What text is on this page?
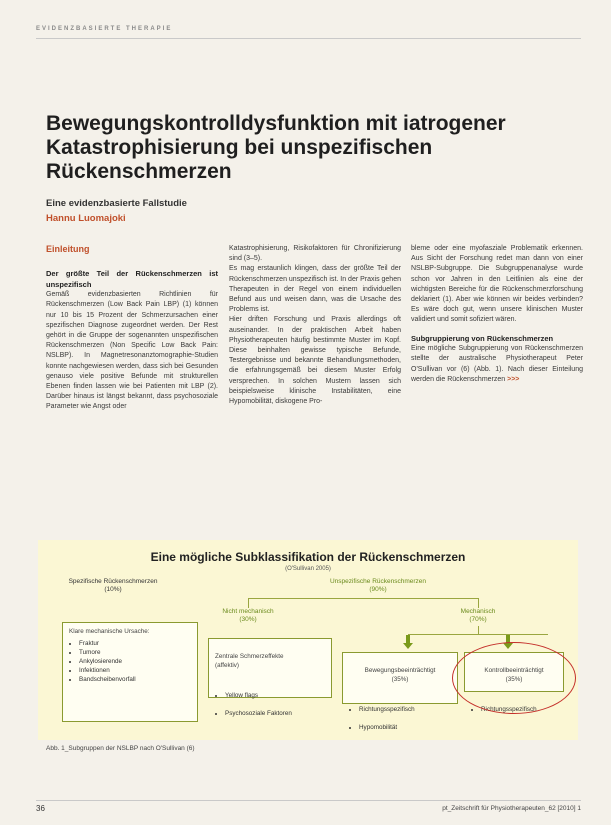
EVIDENZBASIERTE THERAPIE
Bewegungskontrolldysfunktion mit iatrogener Katastrophisierung bei unspezifischen Rückenschmerzen
Eine evidenzbasierte Fallstudie
Hannu Luomajoki
Einleitung
Der größte Teil der Rückenschmerzen ist unspezifisch
Gemäß evidenzbasierten Richtlinien für Rückenschmerzen (Low Back Pain LBP) (1) können nur 10 bis 15 Prozent der Schmerzursachen einer spezifischen Diagnose zugeordnet werden. Der Rest gehört in die Gruppe der sogenannten unspezifischen Rückenschmerzen (Non Specific Low Back Pain: NSLBP). In Magnetresonanztomographie-Studien konnte nachgewiesen werden, dass sich bei Gesunden genauso viele positive Befunde mit strukturellen Ebenen finden lassen wie bei Patienten mit LBP (2). Darüber hinaus ist längst bekannt, dass psychosoziale Parameter wie Angst oder
Katastrophisierung, Risikofaktoren für Chronifizierung sind (3–5).
Es mag erstaunlich klingen, dass der größte Teil der Rückenschmerzen unspezifisch ist. In der Praxis gehen Therapeuten in der Regel von einem individuellen Befund aus und weisen dann, was die Ursache des Problems ist.
Hier driften Forschung und Praxis allerdings oft auseinander. In der praktischen Arbeit haben Physiotherapeuten häufig bestimmte Muster im Kopf. Diese beinhalten gewisse typische Befunde, Testergebnisse und bekannte Behandlungsmethoden, die erfahrungsgemäß bei diesem Muster Erfolg versprechen. In solchen Mustern lassen sich beispielsweise klinische Instabilitäten, eine Hypomobilität, diskogene Pro-
bleme oder eine myofasziale Problematik erkennen. Aus Sicht der Forschung redet man dann von einer NSLBP-Subgruppe. Die Subgruppenanalyse wurde schon vor Jahren in den Leitlinien als eine der wichtigsten Bereiche für die Rückenschmerzforschung deklariert (1). Aber wie können wir beides verbinden? Es wäre doch gut, wenn unsere klinischen Muster validiert und somit sofiziert wären.
Subgruppierung von Rückenschmerzen
Eine mögliche Subgruppierung von Rückenschmerzen stellte der australische Physiotherapeut Peter O'Sullivan vor (6) (Abb. 1). Nach dieser Einteilung werden die Rückenschmerzen >>>
Eine mögliche Subklassifikation der Rückenschmerzen
(O'Sullivan 2005)
Spezifische Rückenschmerzen
(10%)
Unspezifische Rückenschmerzen
(90%)
Nicht mechanisch
(30%)
Mechanisch
(70%)
Klare mechanische Ursache:
• Fraktur
• Tumore
• Ankylosierende
• Infektionen
• Bandscheibenvorfall

Zentrale Schmerzeffekte
(affektiv)

• Yellow flags

• Psychosoziale Faktoren

Bewegungsbeeinträchtigt
(35%)

• Richtungsspezifisch

• Hypomobilität

Kontrollbeeinträchtigt
(35%)

• Richtungsspezifisch

Abb. 1_Subgruppen der NSLBP nach O'Sullivan (6)
36	pt_Zeitschrift für Physiotherapeuten_62 [2010] 1
